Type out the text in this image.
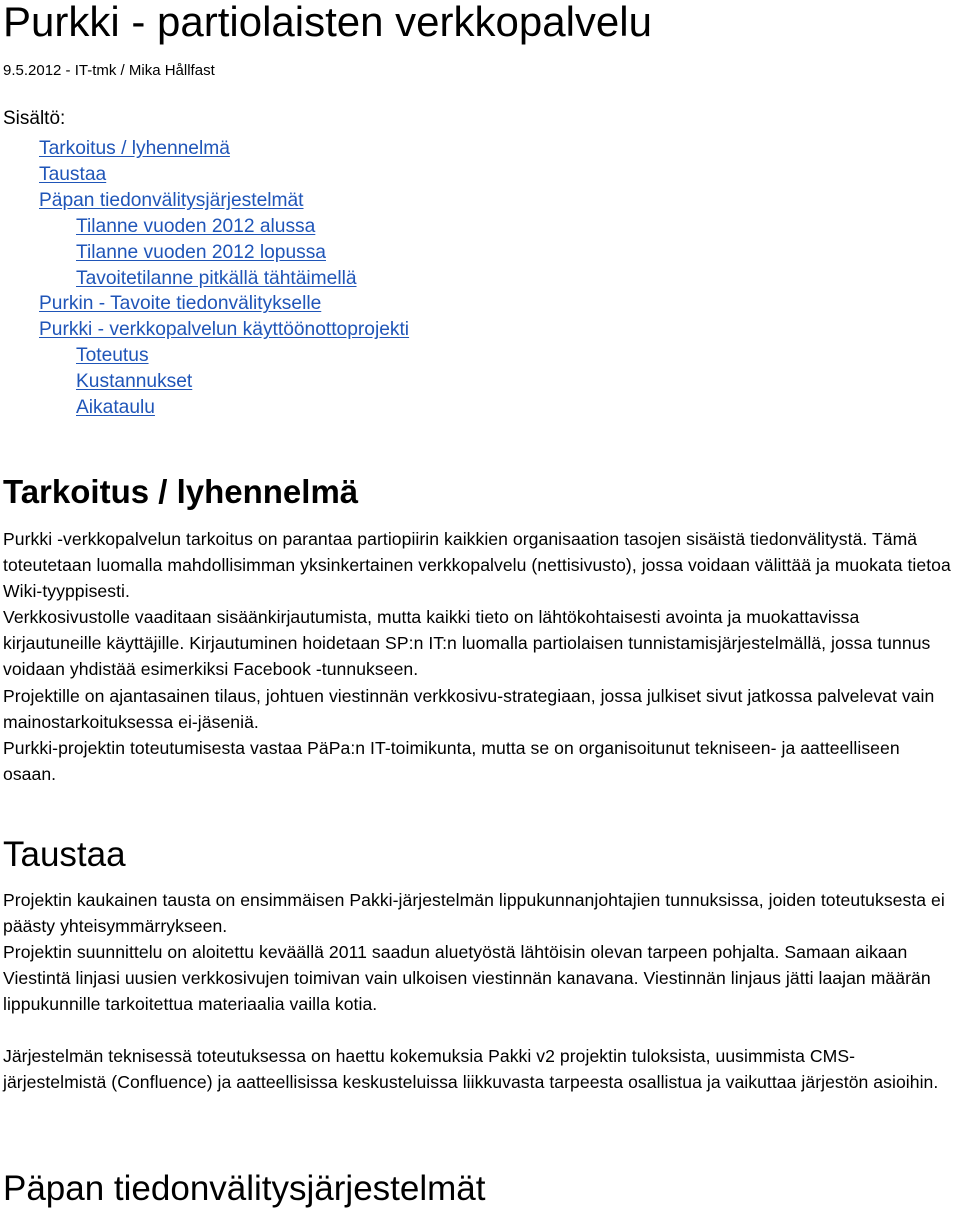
Purkki - partiolaisten verkkopalvelu
9.5.2012 - IT-tmk / Mika Hållfast
Sisältö:
Tarkoitus / lyhennelmä
Taustaa
Päpan tiedonvälitysjärjestelmät
Tilanne vuoden 2012 alussa
Tilanne vuoden 2012 lopussa
Tavoitetilanne pitkällä tähtäimellä
Purkin - Tavoite tiedonvälitykselle
Purkki - verkkopalvelun käyttöönottoprojekti
Toteutus
Kustannukset
Aikataulu
Tarkoitus / lyhennelmä
Purkki -verkkopalvelun tarkoitus on parantaa partiopiirin kaikkien organisaation tasojen sisäistä tiedonvälitystä. Tämä toteutetaan luomalla mahdollisimman yksinkertainen verkkopalvelu (nettisivusto), jossa voidaan välittää ja muokata tietoa Wiki-tyyppisesti.
Verkkosivustolle vaaditaan sisäänkirjautumista, mutta kaikki tieto on lähtökohtaisesti avointa ja muokattavissa kirjautuneille käyttäjille. Kirjautuminen hoidetaan SP:n IT:n luomalla partiolaisen tunnistamisjärjestelmällä, jossa tunnus voidaan yhdistää esimerkiksi Facebook -tunnukseen.
Projektille on ajantasainen tilaus, johtuen viestinnän verkkosivu-strategiaan, jossa julkiset sivut jatkossa palvelevat vain mainostarkoituksessa ei-jäseniä.
Purkki-projektin toteutumisesta vastaa PäPa:n IT-toimikunta, mutta se on organisoitunut tekniseen- ja aatteelliseen osaan.
Taustaa
Projektin kaukainen tausta on ensimmäisen Pakki-järjestelmän lippukunnanjohtajien tunnuksissa, joiden toteutuksesta ei päästy yhteisymmärrykseen.
Projektin suunnittelu on aloitettu keväällä 2011 saadun aluetyöstä lähtöisin olevan tarpeen pohjalta. Samaan aikaan Viestintä linjasi uusien verkkosivujen toimivan vain ulkoisen viestinnän kanavana. Viestinnän linjaus jätti laajan määrän lippukunnille tarkoitettua materiaalia vailla kotia.
Järjestelmän teknisessä toteutuksessa on haettu kokemuksia Pakki v2 projektin tuloksista, uusimmista CMS-järjestelmistä (Confluence) ja aatteellisissa keskusteluissa liikkuvasta tarpeesta osallistua ja vaikuttaa järjestön asioihin.
Päpan tiedonvälitysjärjestelmät
